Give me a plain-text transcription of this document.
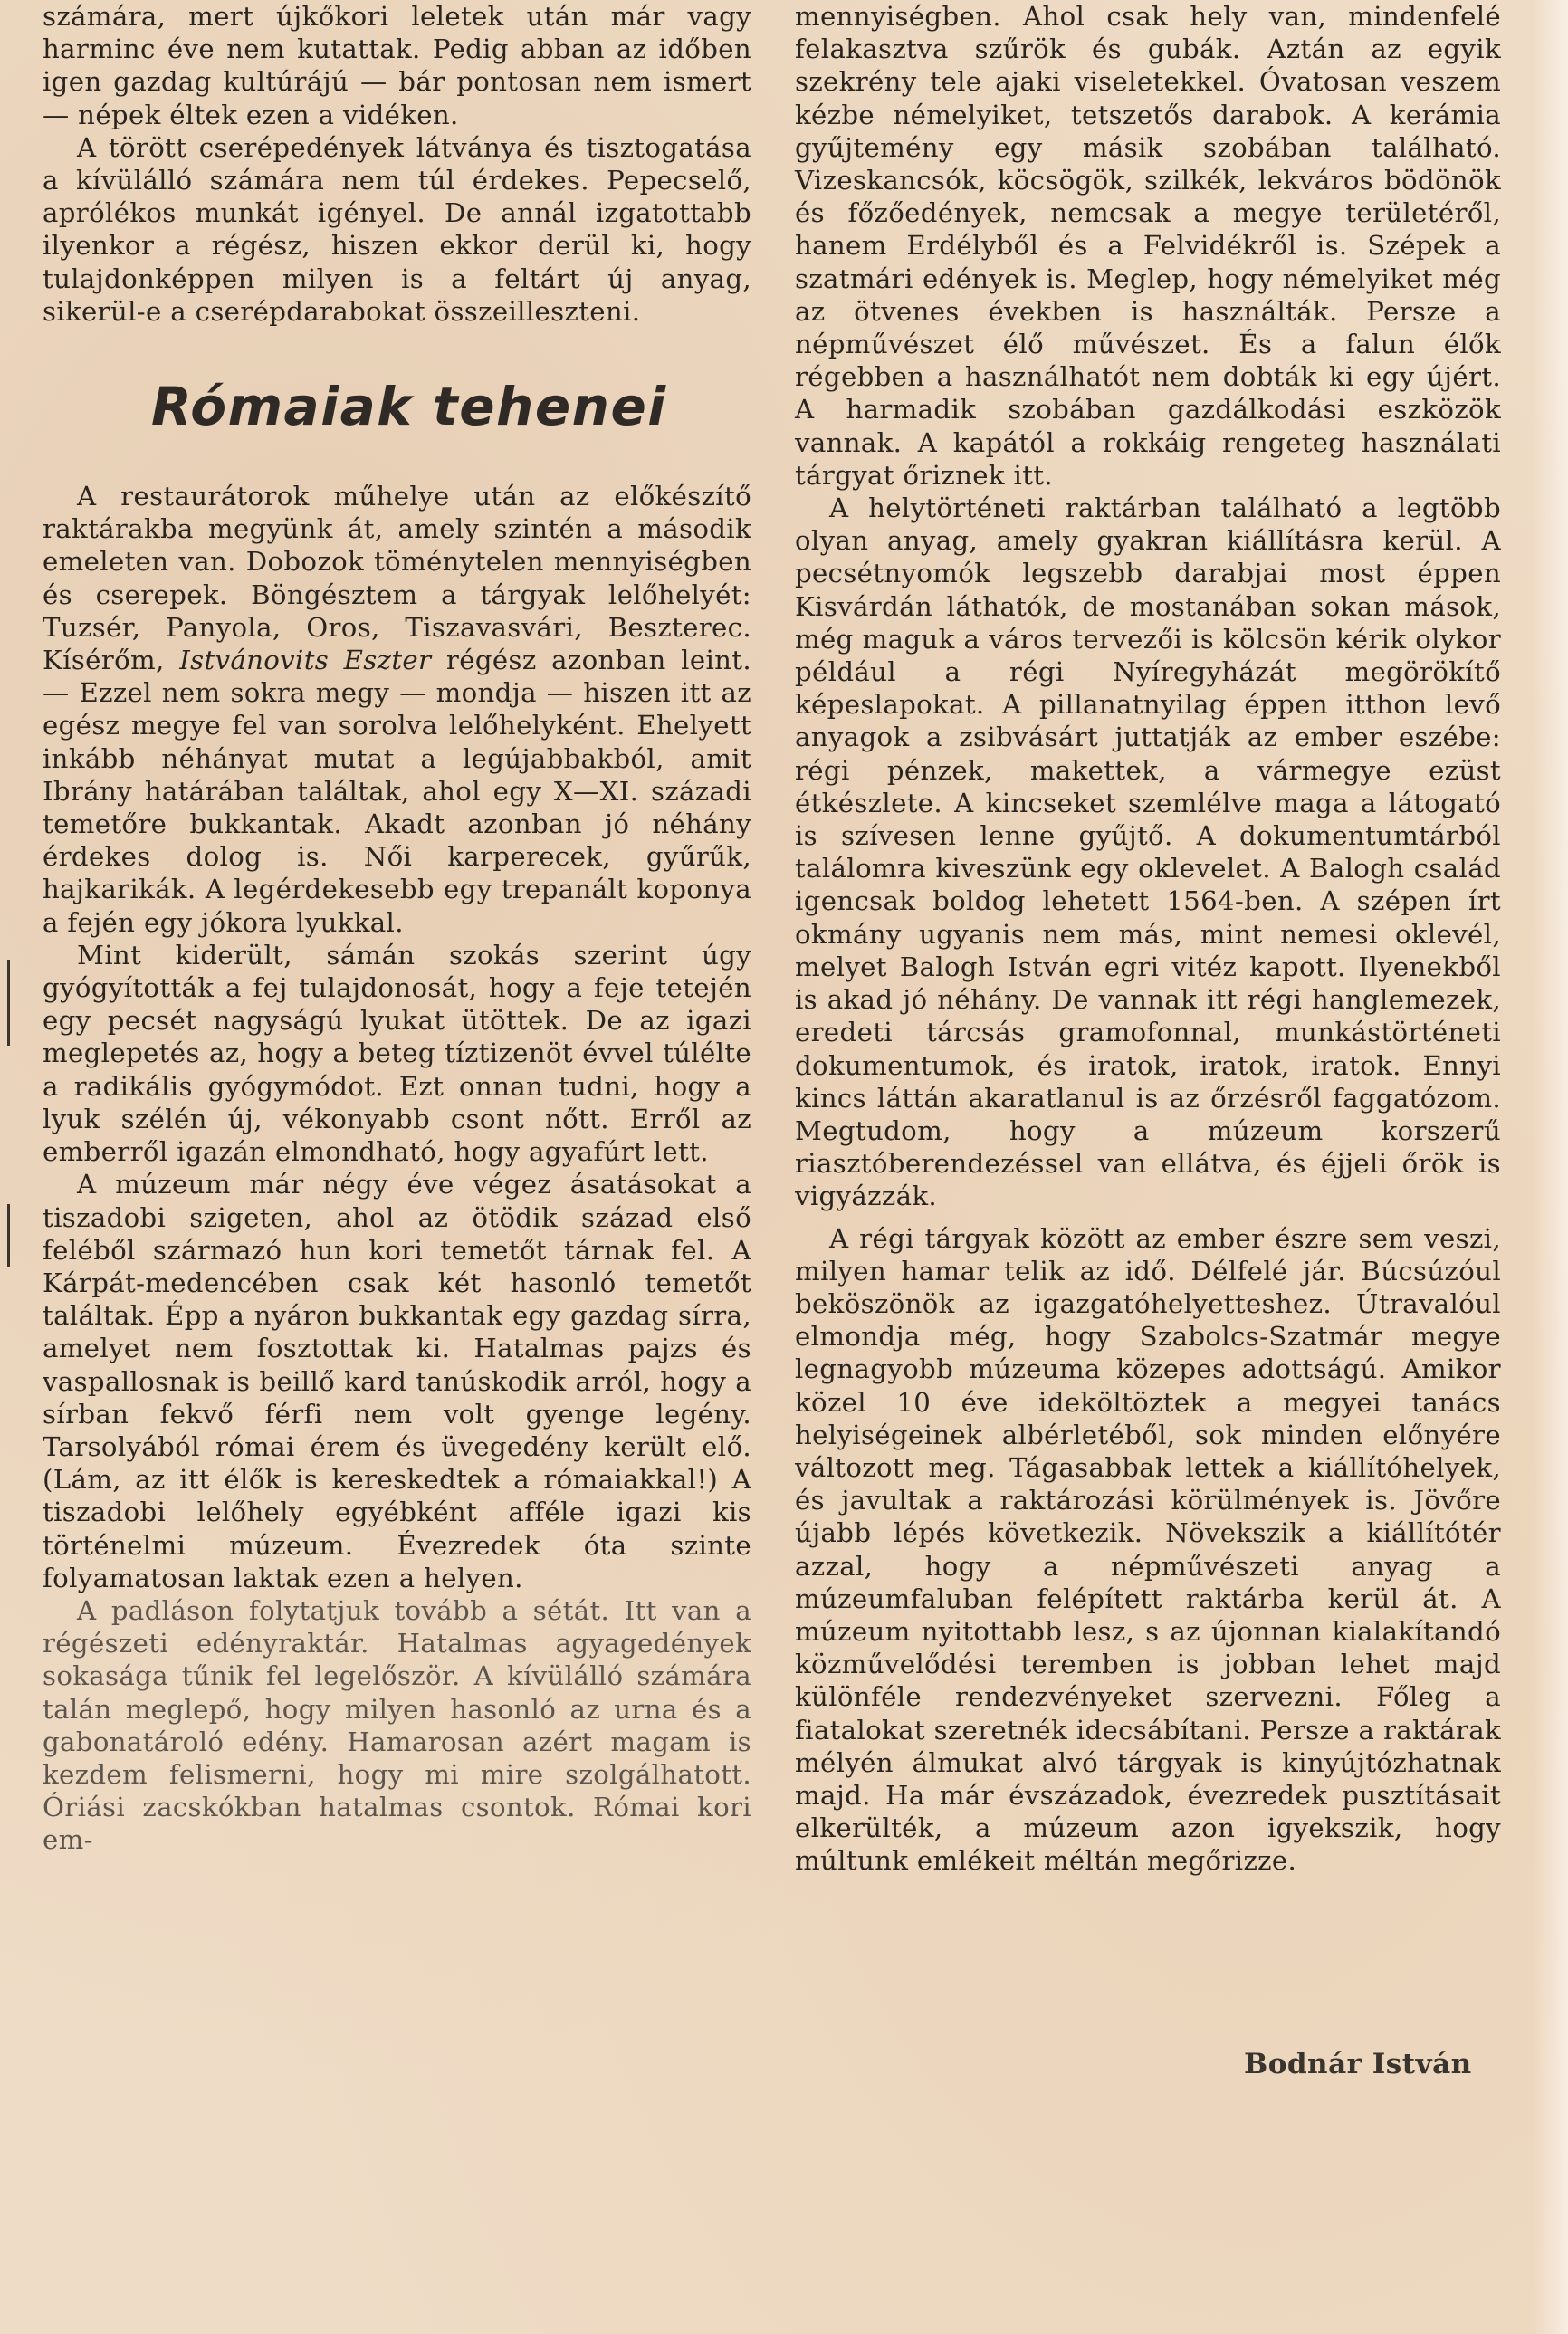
számára, mert újkőkori leletek után már vagy harminc éve nem kutattak. Pedig abban az időben igen gazdag kultúrájú — bár pontosan nem ismert — népek éltek ezen a vidéken.

A törött cserépedények látványa és tisztogatása a kívülálló számára nem túl érdekes. Pepecselő, aprólékos munkát igényel. De annál izgatottabb ilyenkor a régész, hiszen ekkor derül ki, hogy tulajdonképpen milyen is a feltárt új anyag, sikerül-e a cserépdarabokat összeilleszteni.

Rómaiak tehenei

A restaurátorok műhelye után az előkészítő raktárakba megyünk át, amely szintén a második emeleten van. Dobozok töménytelen mennyiségben és cserepek. Böngésztem a tárgyak lelőhelyét: Tuzsér, Panyola, Oros, Tiszavasvári, Beszterec. Kísérőm, Istvánovits Eszter régész azonban leint. — Ezzel nem sokra megy — mondja — hiszen itt az egész megye fel van sorolva lelőhelyként. Ehelyett inkább néhányat mutat a legújabbakból, amit Ibrány határában találtak, ahol egy X—XI. századi temetőre bukkantak. Akadt azonban jó néhány érdekes dolog is. Női karperecek, gyűrűk, hajkarikák. A legérdekesebb egy trepanált koponya a fején egy jókora lyukkal.

Mint kiderült, sámán szokás szerint úgy gyógyították a fej tulajdonosát, hogy a feje tetején egy pecsét nagyságú lyukat ütöttek. De az igazi meglepetés az, hogy a beteg tíztizenöt évvel túlélte a radikális gyógymódot. Ezt onnan tudni, hogy a lyuk szélén új, vékonyabb csont nőtt. Erről az emberről igazán elmondható, hogy agyafúrt lett.

A múzeum már négy éve végez ásatásokat a tiszadobi szigeten, ahol az ötödik század első feléből származó hun kori temetőt tárnak fel. A Kárpát-medencében csak két hasonló temetőt találtak. Épp a nyáron bukkantak egy gazdag sírra, amelyet nem fosztottak ki. Hatalmas pajzs és vaspallosnak is beillő kard tanúskodik arról, hogy a sírban fekvő férfi nem volt gyenge legény. Tarsolyából római érem és üvegedény került elő. (Lám, az itt élők is kereskedtek a rómaiakkal!) A tiszadobi lelőhely egyébként afféle igazi kis történelmi múzeum. Évezredek óta szinte folyamatosan laktak ezen a helyen.

A padláson folytatjuk tovább a sétát. Itt van a régészeti edényraktár. Hatalmas agyagedények sokasága tűnik fel legelőször. A kívülálló számára talán meglepő, hogy milyen hasonló az urna és a gabonatároló edény. Hamarosan azért magam is kezdem felismerni, hogy mi mire szolgálhatott. Óriási zacskókban hatalmas csontok. Római kori em-

mennyiségben. Ahol csak hely van, mindenfelé felakasztva szűrök és gubák. Aztán az egyik szekrény tele ajaki viseletekkel. Óvatosan veszem kézbe némelyiket, tetszetős darabok. A kerámia gyűjtemény egy másik szobában található. Vizeskancsók, köcsögök, szilkék, lekváros bödönök és főzőedények, nemcsak a megye területéről, hanem Erdélyből és a Felvidékről is. Szépek a szatmári edények is. Meglep, hogy némelyiket még az ötvenes években is használták. Persze a népművészet élő művészet. És a falun élők régebben a használhatót nem dobták ki egy újért. A harmadik szobában gazdálkodási eszközök vannak. A kapától a rokkáig rengeteg használati tárgyat őriznek itt.

A helytörténeti raktárban található a legtöbb olyan anyag, amely gyakran kiállításra kerül. A pecsétnyomók legszebb darabjai most éppen Kisvárdán láthatók, de mostanában sokan mások, még maguk a város tervezői is kölcsön kérik olykor például a régi Nyíregyházát megörökítő képeslapokat. A pillanatnyilag éppen itthon levő anyagok a zsibvásárt juttatják az ember eszébe: régi pénzek, makettek, a vármegye ezüst étkészlete. A kincseket szemlélve maga a látogató is szívesen lenne gyűjtő. A dokumentumtárból találomra kiveszünk egy oklevelet. A Balogh család igencsak boldog lehetett 1564-ben. A szépen írt okmány ugyanis nem más, mint nemesi oklevél, melyet Balogh István egri vitéz kapott. Ilyenekből is akad jó néhány. De vannak itt régi hanglemezek, eredeti tárcsás gramofonnal, munkástörténeti dokumentumok, és iratok, iratok, iratok. Ennyi kincs láttán akaratlanul is az őrzésről faggatózom. Megtudom, hogy a múzeum korszerű riasztóberendezéssel van ellátva, és éjjeli őrök is vigyázzák.

A régi tárgyak között az ember észre sem veszi, milyen hamar telik az idő. Délfelé jár. Búcsúzóul beköszönök az igazgatóhelyetteshez. Útravalóul elmondja még, hogy Szabolcs-Szatmár megye legnagyobb múzeuma közepes adottságú. Amikor közel 10 éve ideköltöztek a megyei tanács helyiségeinek albérletéből, sok minden előnyére változott meg. Tágasabbak lettek a kiállítóhelyek, és javultak a raktározási körülmények is. Jövőre újabb lépés következik. Növekszik a kiállítótér azzal, hogy a népművészeti anyag a múzeumfaluban felépített raktárba kerül át. A múzeum nyitottabb lesz, s az újonnan kialakítandó közművelődési teremben is jobban lehet majd különféle rendezvényeket szervezni. Főleg a fiatalokat szeretnék idecsábítani. Persze a raktárak mélyén álmukat alvó tárgyak is kinyújtózhatnak majd. Ha már évszázadok, évezredek pusztításait elkerülték, a múzeum azon igyekszik, hogy múltunk emlékeit méltán megőrizze.

Bodnár István
